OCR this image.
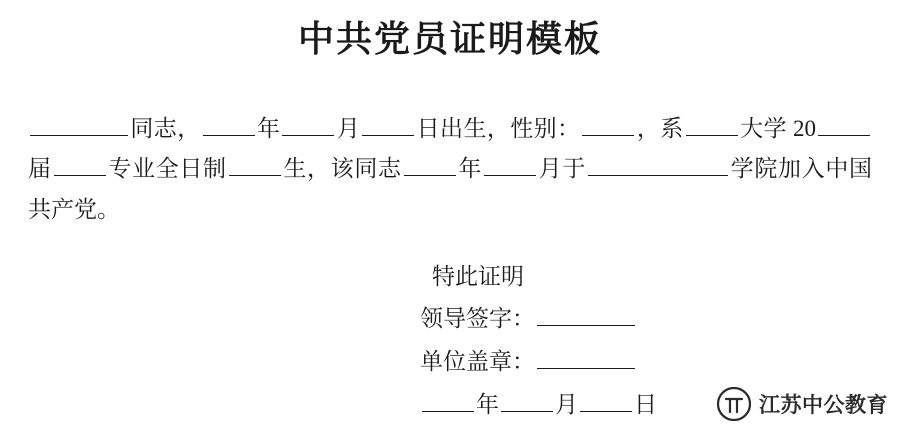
中共党员证明模板

同志， 年 月 日出生，性别： ，系 大学 20届 专业全日制 生，该同志 年 月于	学院加入中国共产党。

特此证明
领导签字：
单位盖章：
年 月 日	江苏中公教育
